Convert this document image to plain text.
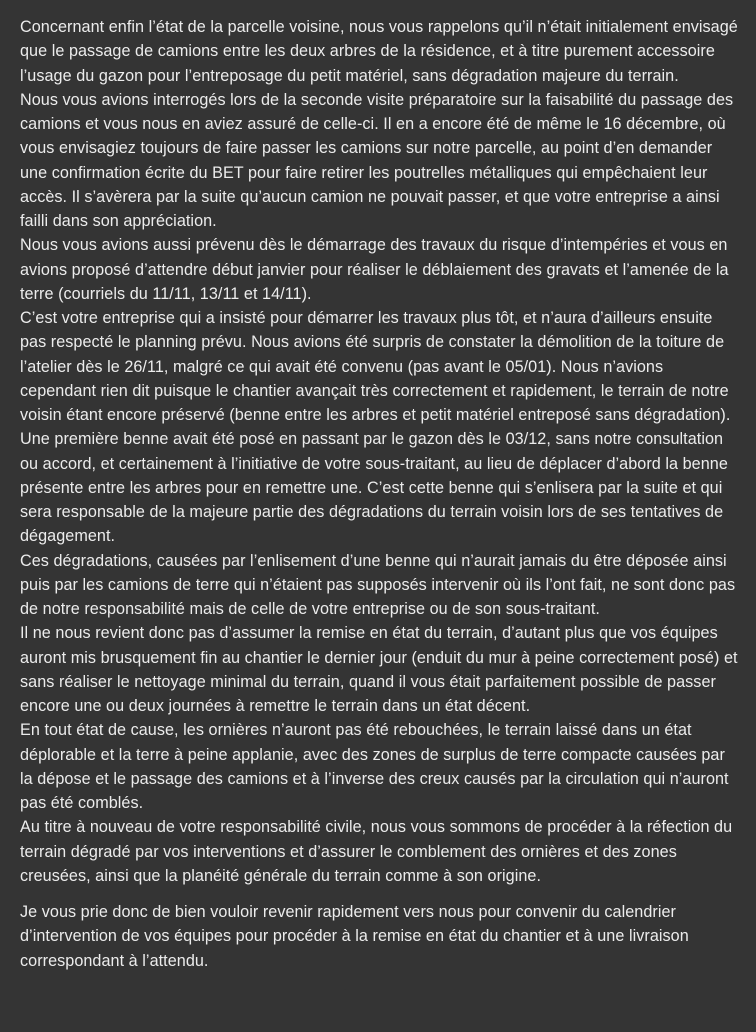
Concernant enfin l’état de la parcelle voisine, nous vous rappelons qu’il n’était initialement envisagé que le passage de camions entre les deux arbres de la résidence, et à titre purement accessoire l’usage du gazon pour l’entreposage du petit matériel, sans dégradation majeure du terrain.

Nous vous avions interrogés lors de la seconde visite préparatoire sur la faisabilité du passage des camions et vous nous en aviez assuré de celle-ci. Il en a encore été de même le 16 décembre, où vous envisagiez toujours de faire passer les camions sur notre parcelle, au point d’en demander une confirmation écrite du BET pour faire retirer les poutrelles métalliques qui empêchaient leur accès. Il s’avèrera par la suite qu’aucun camion ne pouvait passer, et que votre entreprise a ainsi failli dans son appréciation.

Nous vous avions aussi prévenu dès le démarrage des travaux du risque d’intempéries et vous en avions proposé d’attendre début janvier pour réaliser le déblaiement des gravats et l’amenée de la terre (courriels du 11/11, 13/11 et 14/11).

C’est votre entreprise qui a insisté pour démarrer les travaux plus tôt, et n’aura d’ailleurs ensuite pas respecté le planning prévu. Nous avions été surpris de constater la démolition de la toiture de l’atelier dès le 26/11, malgré ce qui avait été convenu (pas avant le 05/01). Nous n’avions cependant rien dit puisque le chantier avançait très correctement et rapidement, le terrain de notre voisin étant encore préservé (benne entre les arbres et petit matériel entreposé sans dégradation).

Une première benne avait été posé en passant par le gazon dès le 03/12, sans notre consultation ou accord, et certainement à l’initiative de votre sous-traitant, au lieu de déplacer d’abord la benne présente entre les arbres pour en remettre une. C’est cette benne qui s’enlisera par la suite et qui sera responsable de la majeure partie des dégradations du terrain voisin lors de ses tentatives de dégagement.

Ces dégradations, causées par l’enlisement d’une benne qui n’aurait jamais du être déposée ainsi puis par les camions de terre qui n’étaient pas supposés intervenir où ils l’ont fait, ne sont donc pas de notre responsabilité mais de celle de votre entreprise ou de son sous-traitant.

Il ne nous revient donc pas d’assumer la remise en état du terrain, d’autant plus que vos équipes auront mis brusquement fin au chantier le dernier jour (enduit du mur à peine correctement posé) et sans réaliser le nettoyage minimal du terrain, quand il vous était parfaitement possible de passer encore une ou deux journées à remettre le terrain dans un état décent.

En tout état de cause, les ornières n’auront pas été rebouchées, le terrain laissé dans un état déplorable et la terre à peine applanie, avec des zones de surplus de terre compacte causées par la dépose et le passage des camions et à l’inverse des creux causés par la circulation qui n’auront pas été comblés.

Au titre à nouveau de votre responsabilité civile, nous vous sommons de procéder à la réfection du terrain dégradé par vos interventions et d’assurer le comblement des ornières et des zones creusées, ainsi que la planéité générale du terrain comme à son origine.

Je vous prie donc de bien vouloir revenir rapidement vers nous pour convenir du calendrier d’intervention de vos équipes pour procéder à la remise en état du chantier et à une livraison correspondant à l’attendu.
